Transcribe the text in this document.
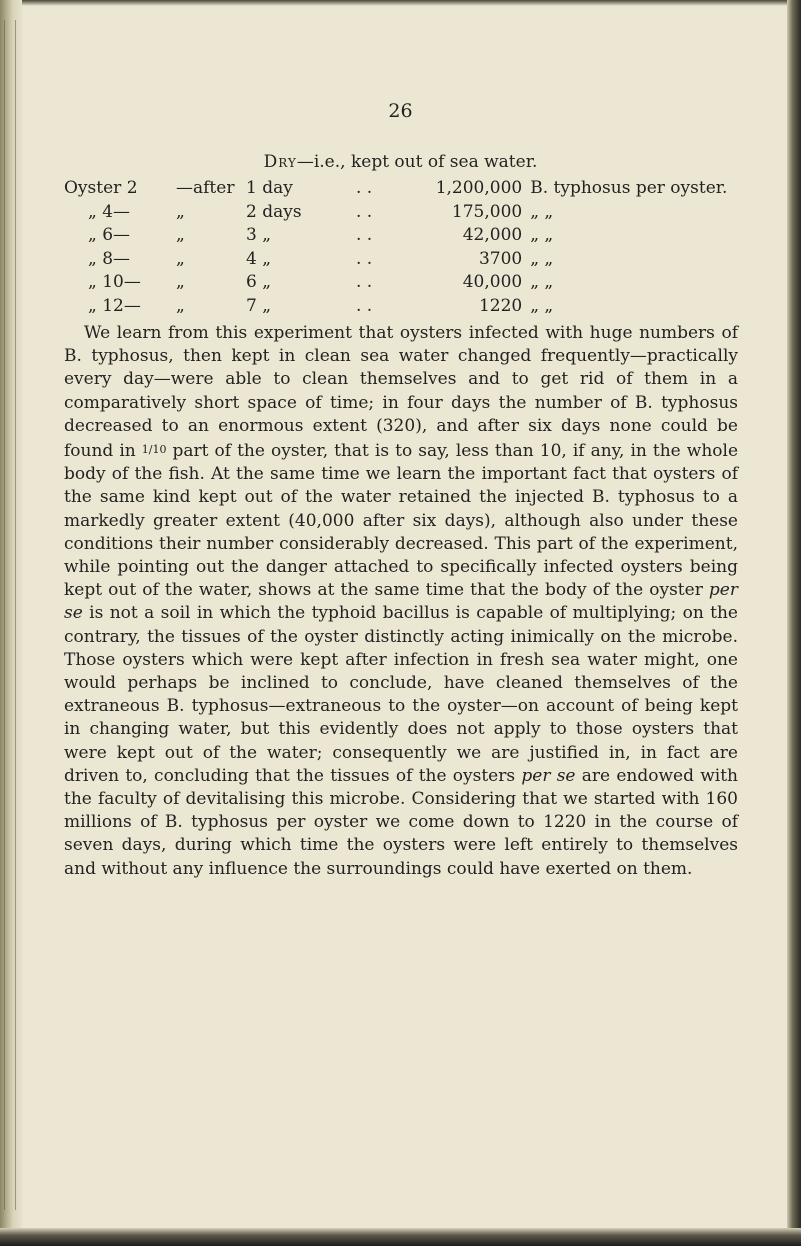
26
Dry—i.e., kept out of sea water.
Oyster 2	—after	1 day	. .	1,200,000	B. typhosus per oyster.
„ 4—	„	2 days	. .	175,000	„ „
„ 6—	„	3 „	. .	42,000	„ „
„ 8—	„	4 „	. .	3700	„ „
„ 10—	„	6 „	. .	40,000	„ „
„ 12—	„	7 „	. .	1220	„ „

We learn from this experiment that oysters infected with huge numbers of B. typhosus, then kept in clean sea water changed frequently—practically every day—were able to clean themselves and to get rid of them in a comparatively short space of time; in four days the number of B. typhosus decreased to an enormous extent (320), and after six days none could be found in 1/10 part of the oyster, that is to say, less than 10, if any, in the whole body of the fish. At the same time we learn the important fact that oysters of the same kind kept out of the water retained the injected B. typhosus to a markedly greater extent (40,000 after six days), although also under these conditions their number considerably decreased. This part of the experiment, while pointing out the danger attached to specifically infected oysters being kept out of the water, shows at the same time that the body of the oyster per se is not a soil in which the typhoid bacillus is capable of multiplying; on the contrary, the tissues of the oyster distinctly acting inimically on the microbe. Those oysters which were kept after infection in fresh sea water might, one would perhaps be inclined to conclude, have cleaned themselves of the extraneous B. typhosus—extraneous to the oyster—on account of being kept in changing water, but this evidently does not apply to those oysters that were kept out of the water; consequently we are justified in, in fact are driven to, concluding that the tissues of the oysters per se are endowed with the faculty of devitalising this microbe. Considering that we started with 160 millions of B. typhosus per oyster we come down to 1220 in the course of seven days, during which time the oysters were left entirely to themselves and without any influence the surroundings could have exerted on them.
